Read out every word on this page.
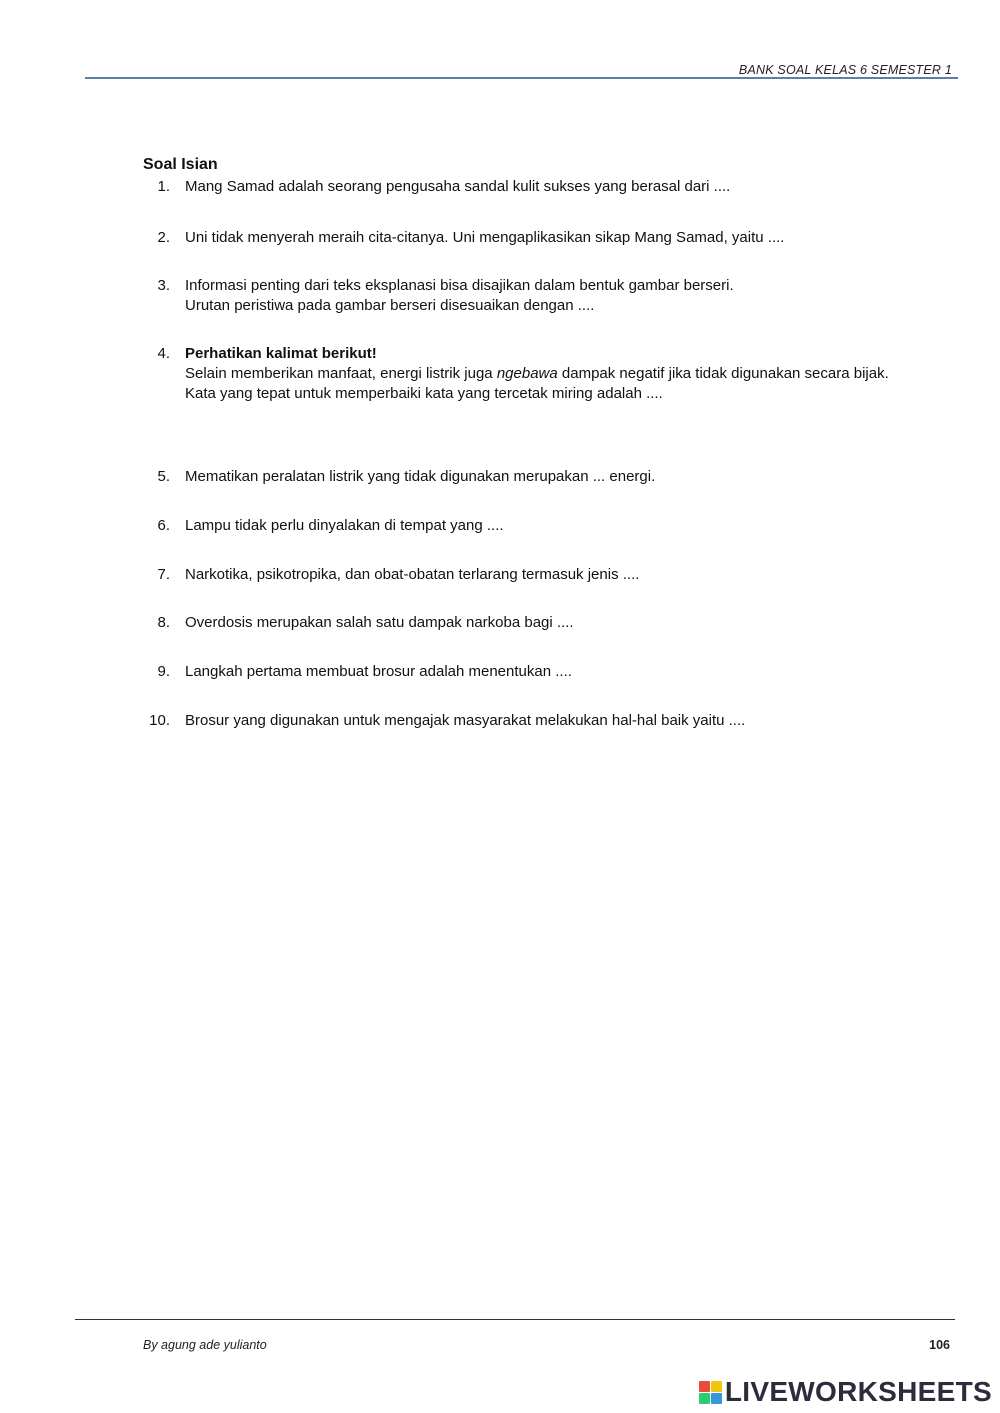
BANK SOAL KELAS 6 SEMESTER 1
Soal Isian
1. Mang Samad adalah seorang pengusaha sandal kulit sukses yang berasal dari ....

2. Uni tidak menyerah meraih cita-citanya. Uni mengaplikasikan sikap Mang Samad, yaitu ....

3. Informasi penting dari teks eksplanasi bisa disajikan dalam bentuk gambar berseri.

Urutan peristiwa pada gambar berseri disesuaikan dengan ....

4. Perhatikan kalimat berikut!

Selain memberikan manfaat, energi listrik juga ngebawa dampak negatif jika tidak digunakan secara bijak.

Kata yang tepat untuk memperbaiki kata yang tercetak miring adalah ....

5. Mematikan peralatan listrik yang tidak digunakan merupakan ... energi.

6. Lampu tidak perlu dinyalakan di tempat yang ....

7. Narkotika, psikotropika, dan obat-obatan terlarang termasuk jenis ....

8. Overdosis merupakan salah satu dampak narkoba bagi ....

9. Langkah pertama membuat brosur adalah menentukan ....

10. Brosur yang digunakan untuk mengajak masyarakat melakukan hal-hal baik yaitu ....

By agung ade yulianto	106
LIVEWORKSHEETS
